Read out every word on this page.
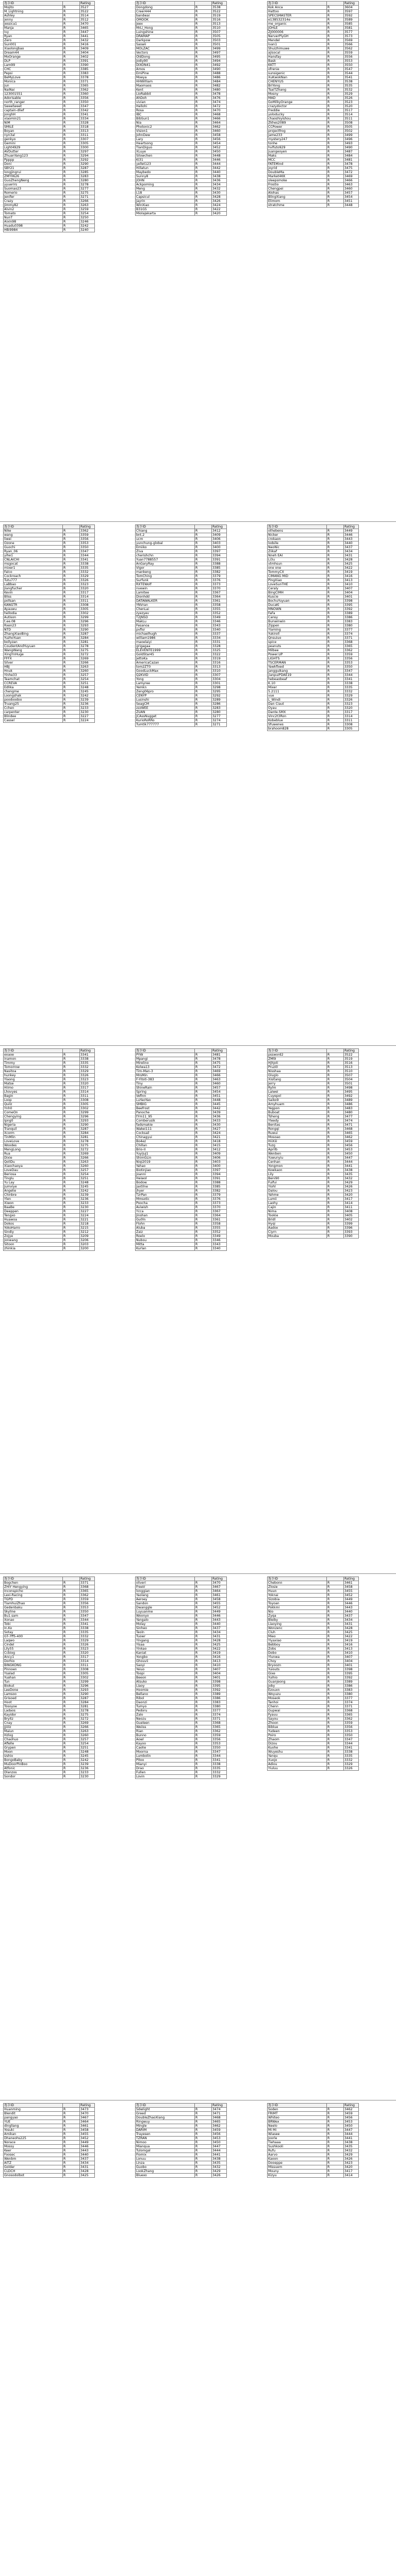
选手ID		Rating
Mojito	R	3527
M_Lightning	R	3522
Ashley	R	3514
jenny	R	3512
Jessica1	R	3470
Manja	R	3465
Ivy	R	3447
Ryan	R	3441
Zero	R	3432
Sun001	R	3416
Xiaolongbao	R	3409
Dream44	R	3404
MoOrange	R	3402
DLP	R	3391
Lam99	R	3390
CHC	R	3385
Pepsi	R	3383
BeMyLove	R	3378
Monica	R	3371
Jun	R	3365
NaiNai	R	3362
123001551	R	3360
Adorisable	R	3356
north_ranger	R	3350
Sweetweet	R	3347
captain-dlief	R	3342
JonghH	R	3341
xiaomin21	R	3334
NiM	R	3328
SMILE	R	3318
Boyan	R	3313
nyn3al	R	3311
genkyo	R	3307
Gemini	R	3305
Light4929	R	3300
AVDutter	R	3297
ZhuanYang123	R	3294
Ppppp	R	3292
Doni	R	3290
SBY21	R	3287
longjingrui	R	3285
ZMY0626	R	3283
GuoZhengNeng	R	3280
yyuerirs	R	3278
Suomao23	R	3277
Romerio	R	3275
Jenifer	R	3271
Crazy	R	3266
Jimmy82	R	3263
Alvin2	R	3259
Tomato	R	3254
NunT	R	3250
Aixin98	R	3246
Huadu0398	R	3242
HBi9984	R	3240
选手ID		Rating
Dongdong	R	3538
Creer444	R	3522
bandwai	R	3519
OMOOK	R	3516
Jeex	R	3513
MrLi_Hong	R	3510
Luingshine	R	3507
DRAMAP	R	3505
Darkpow	R	3503
Saswii	R	3501
MOLZAC	R	3499
Vectors	R	3497
OldDong	R	3495
Jodiy90	R	3494
DIXON41	R	3492
Amos	R	3490
EmiPine	R	3488
Moeya	R	3486
HHWilliam	R	3484
Maomaos	R	3482
Kent	R	3480
LioRabbit	R	3478
AhDoh	R	3476
vivian	R	3474
Hellohi	R	3472
Rosa	R	3470
IBC	R	3468
BibSun1	R	3466
Nia	R	3464
Photonic2	R	3462
Vision1	R	3460
JohnDew	R	3458
Lary	R	3456
Heartsong	R	3454
TianDiguo	R	3452
XLuye	R	3450
Silowchen	R	3448
KI31	R	3446
yellet123	R	3444
Hillatun	R	3442
Maybedo	R	3440
Sunny8	R	3438
JOHN	R	3436
Ackpoming	R	3434
Meng	R	3432
L18	R	3430
Capsicul	R	3428
Jayrin	R	3426
WinXiao	R	3424
B31G5	R	3422
MiolaJakarta	R	3420
选手ID		Rating
Kok Anca	R	3604
Hattoo	R	3597
SPECSMASTER	R	3592
e138532314e	R	3589
me_organic	R	3585
JOHLE	R	3581
ZJ000006	R	3577
NerverPlyGH	R	3573
Mendel	R	3569
Ivan1	R	3566
Shuizhimuwe	R	3562
ajisocal	R	3559
Hansfay	R	3556
Bask	R	3553
KKTT	R	3550
ofrenie	R	3547
sunsigenic	R	3544
XuKwokNan	R	3541
CHENYUS	R	3538
BriYong	R	3535
TsaiTZhang	R	3532
Mosny	R	3529
MAD	R	3526
GoMilkyOrange	R	3523
crazydoctor	R	3520
Freddie	R	3517
yoloducky	R	3514
chaoshiyishou	R	3511
Zkhes2089	R	3508
CCPower	R	3505
projectfrog	R	3502
Jame233	R	3499
mystery247	R	3496
tonhe	R	3493
hvlfuto929	R	3490
Juangeoyen	R	3487
Maks	R	3484
MCC	R	3481
FATEMind	R	3478
joyrid	R	3475
DoubleMa	R	3472
Market4KK	R	3469
sleepsmoke	R	3466
Frostio	R	3463
Chengpei	R	3460
Alohas	R	3457
BlingXiang	R	3454
Elimom	R	3451
stratchme	R	3448
选手ID		Rating
Nike	R	3362
wang	R	3359
liwei	R	3356
Ozone	R	3353
Guochi	R	3350
Ryan_06	R	3347
yihe1	R	3344
CNLAICHI	R	3341
msgocat	R	3338
mixer1	R	3335
Falco	R	3332
Cockroach	R	3329
Tutu777	R	3326
LaBbao	R	3323
Jiangfucher	R	3320
Kevin	R	3317
Bliss	R	3314
pollsan	R	3311
KANGTR	R	3308
Ayauwu	R	3305
hellodia	R	3302
Autison	R	3299
t.ee.08	R	3296
Rxen23	R	3293
NTD	R	3290
ZhangXiaoBing	R	3287
YuzhoYuan	R	3284
bollyzan	R	3281
CoudentAndYuyuan	R	3278
WangWang	R	3275
XingYnHuge	R	3272
FFFX	R	3269
Silver	R	3266
HBJ	R	3263
Hnuk	R	3260
Yinhe33	R	3257
Teamchat	R	3254
CCREVA	R	3251
Edlika	R	3248
chengme	R	3245
Loongshak	R	3242
poodoodoo	R	3239
Truang25	R	3236
Cchen	R	3233
carpenter	R	3230
Blindee	R	3227
Cassel	R	3224
选手ID		Rating
Chiang	R	3412
bnt.2	R	3409
ucm	R	3406
yunchung-global	R	3403
Emiiko	R	3400
Ziva	R	3397
cherishchn	R	3394
Yuan7788557	R	3391
AnGaryRay	R	3388
Vigor	R	3385
mankeng	R	3382
TomChing	R	3379
Surfunk	R	3376
RXTEWolf	R	3373
nvewin	R	3370
Lamitee	R	3367
Dionhdd	R	3364
DATAWALKER	R	3361
YNVran	R	3358
ChenLai	R	3355
zyezyev	R	3352
T2JNSD	R	3349
MakLu	R	3346
Fesanoa	R	3343
pvfisr	R	3340
michaelhugh	R	3337
william1986	R	3334
maoelaiyi	R	3331
grigagaa	R	3328
ELEVENTE1999	R	3325
GoldStar45	R	3322
JettoKa	R	3319
AmericaCazan	R	3316
tom2ZT0	R	3313
GoodLuckMax	R	3310
Q2KVID	R	3307
Yong	R	3304
Lamyree	R	3301
Yemkn	R	3298
Zeng06pro	R	3295
CENYP	R	3292
Lusinshi	R	3289
SeagCM	R	3286
zzzWEE	R	3283
ZUAN	R	3280
JCAssNugget	R	3277
KurioRoRRo	R	3274
Tumtik777777	R	3271
选手ID		Rating
othebens	R	3449
Nicker	R	3446
crokaon	R	3443
lodslle	R	3440
NeoNic	R	3437
Ziikaf	R	3434
Nneh EAI	R	3431
Li3u	R	3428
vtmhsun	R	3425
one one	R	3422
TommyCX	R	3419
CIMANG MID	R	3416
PingXiao	R	3413
LoveSunTHE	R	3410
Ceraly	R	3407
BingCIMH	R	3404
Kuscie	R	3401
BochuYuyuan	R	3398
DucaKi	R	3395
MNOWN	R	3392
FaFa	R	3389
Cansy	R	3386
Bunwinwin	R	3383
Zippen	R	3380
Yiaming	R	3377
Yukiroll	R	3374
Qnsuiuo	R	3371
spice	R	3368
peanuts	R	3365
Milbee	R	3362
Power.UP	R	3359
LIGHTS	R	3356
TSCERMAN	R	3353
Yawkfixed	R	3350
jangguikang	R	3347
jianpuiPDAE19	R	3344
hebeaobeaf	R	3341
K.10	R	3338
Mixer	R	3335
5.2111	R	3332
vue	R	3329
L_Windi	R	3326
Dan Ciaut	R	3323
Oyau	R	3320
Dante.SMX	R	3317
Vinc2t3Ron	R	3314
Kobeblue	R	3311
Sfuwenes	R	3308
brahoom828	R	3305
选手ID		Rating
eoaoe	R	3341
inamon	R	3338
Timmy	R	3335
Tomorrow	R	3332
Nasitoa	R	3329
hunkey	R	3326
Yiaong	R	3323
Matse	R	3320
Hiimo	R	3317
Lhovyes	R	3314
Bagin	R	3311
Loop	R	3308
Quilz	R	3305
Ynh0	R	3302
ComeOn	R	3299
Chengying	R	3296
Ipng0	R	3293
Nigeria	R	3290
Tranquil	R	3287
Xcorm	R	3284
TinMlin	R	3281
LoveLove	R	3278
Woodes	R	3275
MengLong	R	3272
Rua	R	3269
Dixie	R	3266
QoliDu	R	3263
Xiaochaoya	R	3260
LoveDau	R	3257
Beriosa	R	3254
Tinglu	R	3251
Yu Lay	R	3248
Jumxiye	R	3245
Angelie	R	3242
Chinbre	R	3239
Ylen	R	3236
Xiwon	R	3233
BaaBe	R	3230
Deeppen	R	3227
Tengxo	R	3224
Huawoa	R	3221
Dokos	R	3218
YokoHarro	R	3215
Sindiy	R	3212
Zojye	R	3209
Jonwang	R	3206
Sitoon	R	3203
zhinkia	R	3200
选手ID		Rating
PYW	R	3481
Mpangi	R	3478
Mirelino	R	3475
Kolwa13	R	3472
Tim-Man-3	R	3469
MrsMin	R	3466
F-Yitoti-383	R	3463
Tiny	R	3460
ShineRain	R	3457
Spring	R	3454
Vefinn	R	3451
LuYaoYao	R	3448
SMBIG	R	3445
Beefrost	R	3442
Panoche	R	3439
tYm11_95	R	3436
Comberusik	R	3433
fadsmakie	R	3430
Wakei111	R	3427
Cocksail	R	3424
Chinagyui	R	3421
Bo4ez	R	3418
Chillan	R	3415
Brio-II	R	3412
Yuyijuj1	R	3409
ShimGLin	R	3406
Niqi2019	R	3403
Yahao	R	3400
Biotinjiao	R	3397
Joanni	R	3394
Heiwol	R	3391
Bodow	R	3388
Jaxtilne	R	3385
jhyer	R	3382
TzrPan	R	3379
Mmsotic	R	3376
Poocha	R	3373
Aviwish	R	3370
Ycca	R	3367
Jinshan	R	3364
Gu0ln	R	3361
Flohn	R	3358
Aluba	R	3355
Zaiz	R	3352
Roelo	R	3349
Nubou	R	3346
Mitta	R	3343
Kurlan	R	3340
选手ID		Rating
pssword2	R	3522
ZMl9	R	3519
Hjhjoli	R	3516
Pruzi0	R	3513
Nisshaa	R	3510
Gluglo	R	3507
Xisitang	R	3504
Jerry	R	3501
Rylm	R	3498
Laiwei	R	3495
Cuyepol	R	3492
Saiko9	R	3489
Amyhuam	R	3486
Yegpon	R	3483
Buboat	R	3480
Tsheng	R	3477
Yleedy	R	3474
Benitas	R	3471
Rongqi	R	3468
Ruwui	R	3465
Mosoao	R	3462
HiiXiii	R	3459
Tuzg	R	3456
Aprilb	R	3453
Wenben	R	3450
Yuwunyiu	R	3447
Cenhan	R	3444
Yongmon	R	3441
Kowkaon	R	3438
Lily	R	3435
Beni90	R	3432
Fuifui	R	3429
Yiohl	R	3426
Dalou	R	3423
Yahme	R	3420
Lumii	R	3417
Laohy	R	3414
Cajin	R	3411
Nima	R	3408
Tookie	R	3405
Bridl	R	3402
Hyqi	R	3399
Aadox	R	3396
Ciyrn	R	3393
Mouba	R	3390
选手ID		Rating
Bogchen	R	3371
ZHIY Hengying	R	3368
Inconspicho	R	3365
Lexi-Racing	R	3362
TGPD	R	3359
TiamhuiZhao	R	3356
Gedenbaku	R	3353
Skyline	R	3350
Bu1.sam	R	3347
Xonao	R	3344
Tobi	R	3341
In.Ko	R	3338
Sotay	R	3335
GT-7ff5-400	R	3332
Laqwo	R	3329
Cindel	R	3326
Lily55	R	3323
Ccbiog	R	3320
Ancy1	R	3317
Dorhio	R	3314
BINGKONG	R	3311
Pinnoen	R	3308
Ysalad	R	3305
Yuahan	R	3302
Tun	R	3299
Biokut	R	3296
LeeDone	R	3293
Lamsoo	R	3290
Grisoed	R	3287
Hoot	R	3284
Tosoyoe	R	3281
Ladaos	R	3278
Kayidor	R	3275
Bryitz	R	3272
Cnay	R	3269
Jjiiilz	R	3266
Maiun	R	3263
Hzlog	R	3260
Chaohuo	R	3257
Aflelle	R	3254
Grypen	R	3251
Moon	R	3248
Ushio	R	3245
BongoBaby	R	3242
MuDoorPinBoo	R	3239
Atfonic	R	3236
Dlanzos	R	3233
Sondor	R	3230
选手ID		Rating
oliveri	R	3470
FreeV	R	3467
longgian	R	3464
Yaolang	R	3461
Aeroey	R	3458
Sandon	R	3455
Dwanggle	R	3452
Luyuanme	R	3449
Woonyo	R	3446
Yangalo	R	3443
Molay	R	3440
Sinheo	R	3437
Teoln	R	3434
Tuowr	R	3431
Yingang	R	3428
Yisaa	R	3425
Yinkao	R	3422
Kaniat	R	3419
Yongbo	R	3416
Ghouvii	R	3413
Saoyi	R	3410
Yeiuo	R	3407
Toopi	R	3404
Beeon	R	3401
Atsuko	R	3398
Liaoy	R	3395
Hoomie	R	3392
Bellano	R	3389
Ribol	R	3386
Daonzi	R	3383
Tumyo	R	3380
Pedoru	R	3377
Zalo	R	3374
Neozu	R	3371
Gueleen	R	3368
Weiiss	R	3365
Rian	R	3362
Bunno	R	3359
Aowl	R	3356
Kayoo	R	3353
Caolie	R	3350
Moorna	R	3347
Lumbolin	R	3344
Pitoo	R	3341
Mianyi	R	3338
Drao	R	3335
Fullen	R	3332
Lovin	R	3329
选手ID		Rating
Chebonn	R	3461
Zlosie	R	3458
Huun	R	3455
Yoknai	R	3452
Sizobia	R	3449
Toyoan	R	3446
Pokkmi	R	3443
Nio	R	3440
Zyqa	R	3437
Bleiby	R	3434
Liaoying	R	3431
Wonzenc	R	3428
Cluh	R	3425
Mieo	R	3422
Yiyaxiao	R	3419
Bebboy	R	3416
Zobs	R	3413
Dobo	R	3410
Ylunwa	R	3407
Choy	R	3404
Bryoozn	R	3401
Yuiouts	R	3398
Gixe	R	3395
Yuihio	R	3392
Guanjeong	R	3389
Joby	R	3386
Ezouxn	R	3383
Woyuzu	R	3380
Moseok	R	3377
Tanhoi	R	3374
Chenn	R	3371
Gupwai	R	3368
Fyauu	R	3365
Sayou	R	3362
Zhoon	R	3359
Biblue	R	3356
Yudeen	R	3353
Poiro	R	3350
Zhaom	R	3347
Dizou	R	3344
Kuohe	R	3341
Wuyeshu	R	3338
Yanqu	R	3335
Xuojo	R	3332
Adiou	R	3329
Yiuluu	R	3326
选手ID		Rating
Huanming	R	3473
Blendit	R	3470
pangyao	R	3467
YUE	R	3464
dingliang	R	3461
Yosuki	R	3458
Amikan	R	3455
Dhaneohs225	R	3452
Norace	R	3449
Mossy	R	3446
Keer	R	3443
Foosec	R	3440
Wenbm	R	3437
AITZ	R	3434
Golder	R	3431
CLDCH	R	3428
Gnosodolbot	R	3425
选手ID		Rating
Sdwlight	R	3474
Greed	R	3471
DoubleZhaoXiang	R	3468
Ringwuy	R	3465
Mingle	R	3462
DARIM	R	3459
Trayesen	R	3456
TZRAN	R	3453
Nimoo	R	3450
Mianqua	R	3447
Tulomgal	R	3444
Fiomix	R	3441
Lonuu	R	3438
Linza	R	3435
Guobo	R	3432
LookZhang	R	3429
Bluexo	R	3426
选手ID		Rating
Soden	R	3462
FRIMT	R	3459
Whiteo	R	3456
BRWex	R	3453
Neelo	R	3450
Mi Mi	R	3447
Wiasee	R	3444
Joorle	R	3441
Tiehaaa	R	3438
Sushkooli	R	3435
Rufu	R	3432
Aarvo	R	3429
Kaoon	R	3426
Dooeppe	R	3423
Missuem	R	3420
Mouny	R	3417
Kizyu	R	3414
